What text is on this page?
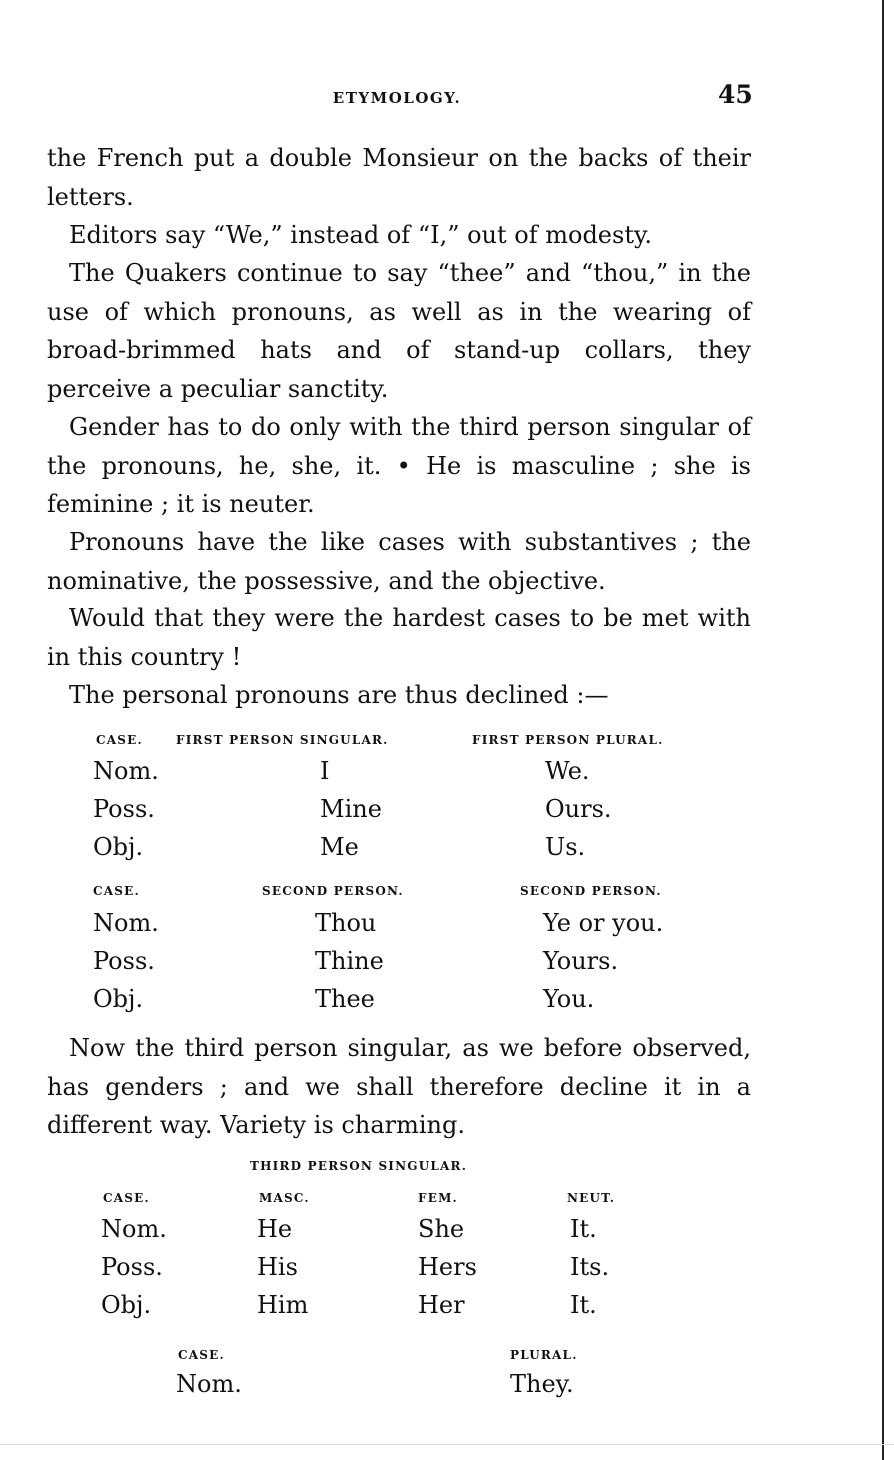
ETYMOLOGY.	45
the French put a double Monsieur on the backs of their letters.
Editors say “We,” instead of “I,” out of modesty.
The Quakers continue to say “thee” and “thou,” in the use of which pronouns, as well as in the wearing of broad-brimmed hats and of stand-up collars, they perceive a peculiar sanctity.
Gender has to do only with the third person singular of the pronouns, he, she, it. • He is masculine ; she is feminine ; it is neuter.
Pronouns have the like cases with substantives ; the nominative, the possessive, and the objective.
Would that they were the hardest cases to be met with in this country !
The personal pronouns are thus declined :—
CASE.	FIRST PERSON SINGULAR.	FIRST PERSON PLURAL.
Nom.	I	We.
Poss.	Mine	Ours.
Obj.	Me	Us.
CASE.	SECOND PERSON.	SECOND PERSON.
Nom.	Thou	Ye or you.
Poss.	Thine	Yours.
Obj.	Thee	You.
Now the third person singular, as we before observed, has genders ; and we shall therefore decline it in a different way. Variety is charming.
THIRD PERSON SINGULAR.
CASE.	MASC.	FEM.	NEUT.
Nom.	He	She	It.
Poss.	His	Hers	Its.
Obj.	Him	Her	It.
CASE.	PLURAL.
Nom.	They.
